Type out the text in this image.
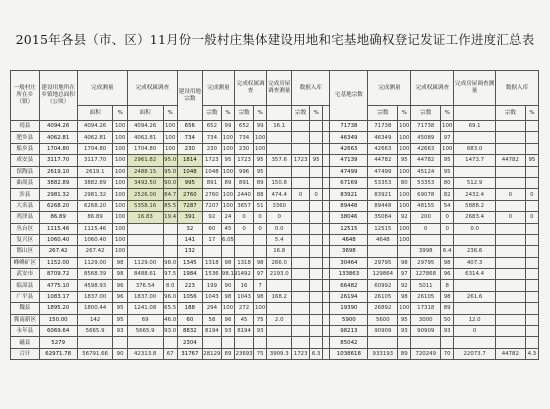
2015年各县（市、区）11月份一般村庄集体建设用地和宅基地确权登记发证工作进度汇总表
一般村庄所在乡（镇）	建设用地所在乡镇地总面积（公顷）	完成测量		完成权属调查		建设用地宗数	完成测量		完成权属调查		完成房屋调查测量	数据入库			宅基地宗数	完成测量		完成权属调查		完成房屋调查测量	数据入库	
		面积	%	面积	%		宗数	%	宗数	%		宗数	%			宗数	%	宗数	%		宗数	%
靖县	4094.26	4094.26	100	4094.26	100	656	652	99	652	99	16.1				71738	71738	100	71738	100	69.1		
肥乡县	4062.81	4062.81	100	4062.81	100	734	734	100	734	100					46349	46349	100	45089	97			
船乡县	1704.80	1704.80	100	1704.80	100	230	230	100	230	100					42663	42663	100	42663	100	683.0		
成安县	3117.70	3117.70	100	2961.82	95.0	1814	1723	95	1723	95	357.6	1723	95		47139	44782	95	44782	95	1473.7	44782	95
馆陶县	2619.10	2619.1	100	2488.15	95.0	1048	1048	100	996	95					47499	47499	100	45124	95			
曲周县	3882.89	3882.89	100	3492.50	90.0	995	891	89	891	89	150.8				67169	53353	80	53353	80	512.9		
涉县	2981.32	2981.32	100	2526.00	84.7	2760	2760	100	2440	88	474.4	0	0		83921	83921	100	69078	82	2432.4	0	0
大名县	6268.20	6268.20	100	5358.16	85.5	7287	7207	100	3657	51	3360				89448	89448	100	48155	54	5888.2		
鸡泽县	86.89	86.89	100	16.83	19.4	391	92	24	0	0	0				38046	35084	92	200	0	2683.4	0	0
丛台区	1115.46	1115.46	100			32	60	45	0	0	0.0				12515	12515	100	0	0	0.0		
复兴区	1060.40	1060.40	100			141	17	6.05			5.4				4648	4648	100					
邯山区	267.42	267.42	100			132					16.8				3698			3998	6.4	236.6		
峰峰矿区	1152.00	1129.00	98	1129.00	98.0	1345	1318	98	1318	98	266.0				30464	29795	98	29795	98	407.3		
武安市	8709.72	8568.39	98	8488.61	97.5	1984	1536	98.19	1492	97	2193.0				133863	129864	97	127868	96	6314.4		
临漳县	4775.10	4598.93	96	376.54	8.0	223	199	90	16	7					66482	60992	92	5011	8			
广平县	1083.17	1837.00	96	1837.00	96.0	1056	1043	98	1043	98	168.2				26194	26105	98	26105	98	261.6		
魏县	1895.20	1800.44	95	1241.08	65.5	188	294	100	272	100					19390	26892	100	17318	89			
冀南新区	150.00	142	95	69	46.0	60	58	96	45	75	2.0				5900	5600	95	3000	50	12.0		
永年县	6069.64	5665.9	93	5665.9	93.0	8832	8194	93	8194	93					98213	90909	93	90909	93	0		
磁县	5279					2304									85042							
合计	62971.78	56791.66	90	42313.8	67	31767	28129	89	23693	75	3909.3	1723	6.3		1038618	933193	89	720249	70	22073.7	44782	4.3
